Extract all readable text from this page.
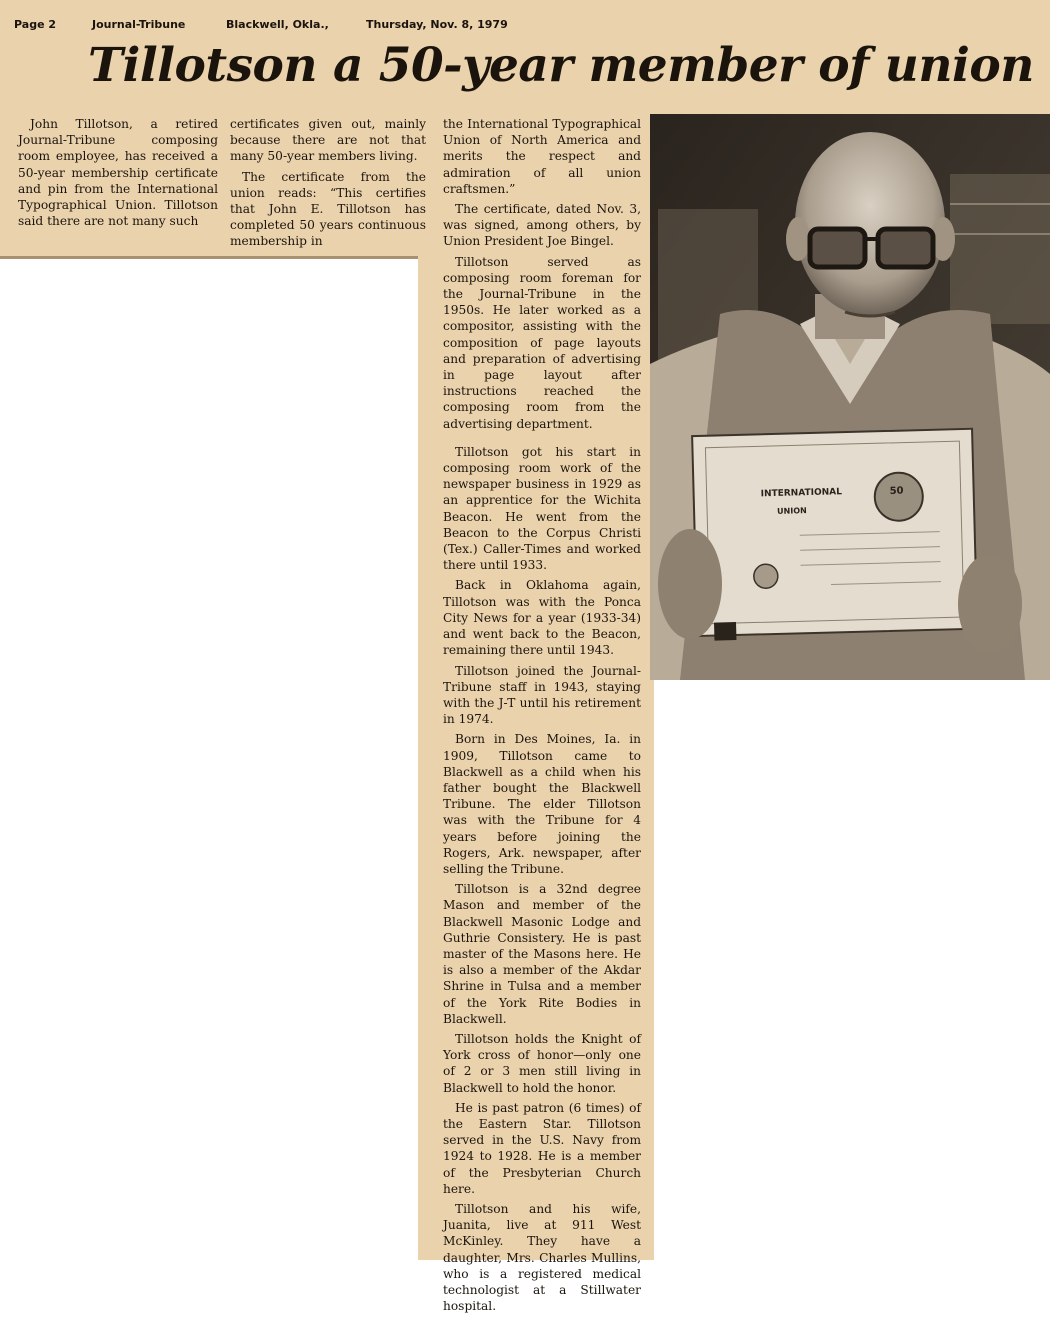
Page 2	Journal-Tribune	Blackwell, Okla.,	Thursday, Nov. 8, 1979
Tillotson a 50-year member of union

John Tillotson, a retired Journal-Tribune composing room employee, has received a 50-year membership certificate and pin from the International Typographical Union. Tillotson said there are not many such

certificates given out, mainly because there are not that many 50-year members living.

The certificate from the union reads: “This certifies that John E. Tillotson has completed 50 years continuous membership in

the International Typographical Union of North America and merits the respect and admiration of all union craftsmen.”

The certificate, dated Nov. 3, was signed, among others, by Union President Joe Bingel.

Tillotson served as composing room foreman for the Journal-Tribune in the 1950s. He later worked as a compositor, assisting with the composition of page layouts and preparation of advertising in page layout after instructions reached the composing room from the advertising department.

Tillotson got his start in composing room work of the newspaper business in 1929 as an apprentice for the Wichita Beacon. He went from the Beacon to the Corpus Christi (Tex.) Caller-Times and worked there until 1933.

Back in Oklahoma again, Tillotson was with the Ponca City News for a year (1933-34) and went back to the Beacon, remaining there until 1943.

Tillotson joined the Journal-Tribune staff in 1943, staying with the J-T until his retirement in 1974.

Born in Des Moines, Ia. in 1909, Tillotson came to Blackwell as a child when his father bought the Blackwell Tribune. The elder Tillotson was with the Tribune for 4 years before joining the Rogers, Ark. newspaper, after selling the Tribune.

Tillotson is a 32nd degree Mason and member of the Blackwell Masonic Lodge and Guthrie Consistery. He is past master of the Masons here. He is also a member of the Akdar Shrine in Tulsa and a member of the York Rite Bodies in Blackwell.

Tillotson holds the Knight of York cross of honor—only one of 2 or 3 men still living in Blackwell to hold the honor.

He is past patron (6 times) of the Eastern Star. Tillotson served in the U.S. Navy from 1924 to 1928. He is a member of the Presbyterian Church here.

Tillotson and his wife, Juanita, live at 911 West McKinley. They have a daughter, Mrs. Charles Mullins, who is a registered medical technologist at a Stillwater hospital.

INTERNATIONAL
UNION
50
